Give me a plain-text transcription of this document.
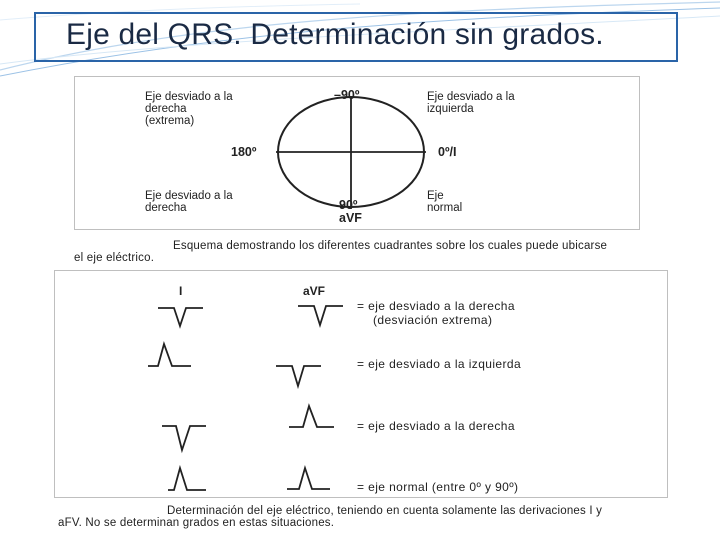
Eje del QRS. Determinación sin grados.
Eje desviado a la
derecha
(extrema)
Eje desviado a la
izquierda
Eje desviado a la
derecha
Eje
normal
–90º
180º	0º/I
90º
aVF
Esquema demostrando los diferentes cuadrantes sobre los cuales puede ubicarse
el eje eléctrico.
I	aVF
= eje desviado a la derecha
(desviación extrema)
= eje desviado a la izquierda
= eje desviado a la derecha
= eje normal (entre 0º y 90º)
Determinación del eje eléctrico, teniendo en cuenta solamente las derivaciones I y
aFV. No se determinan grados en estas situaciones.
